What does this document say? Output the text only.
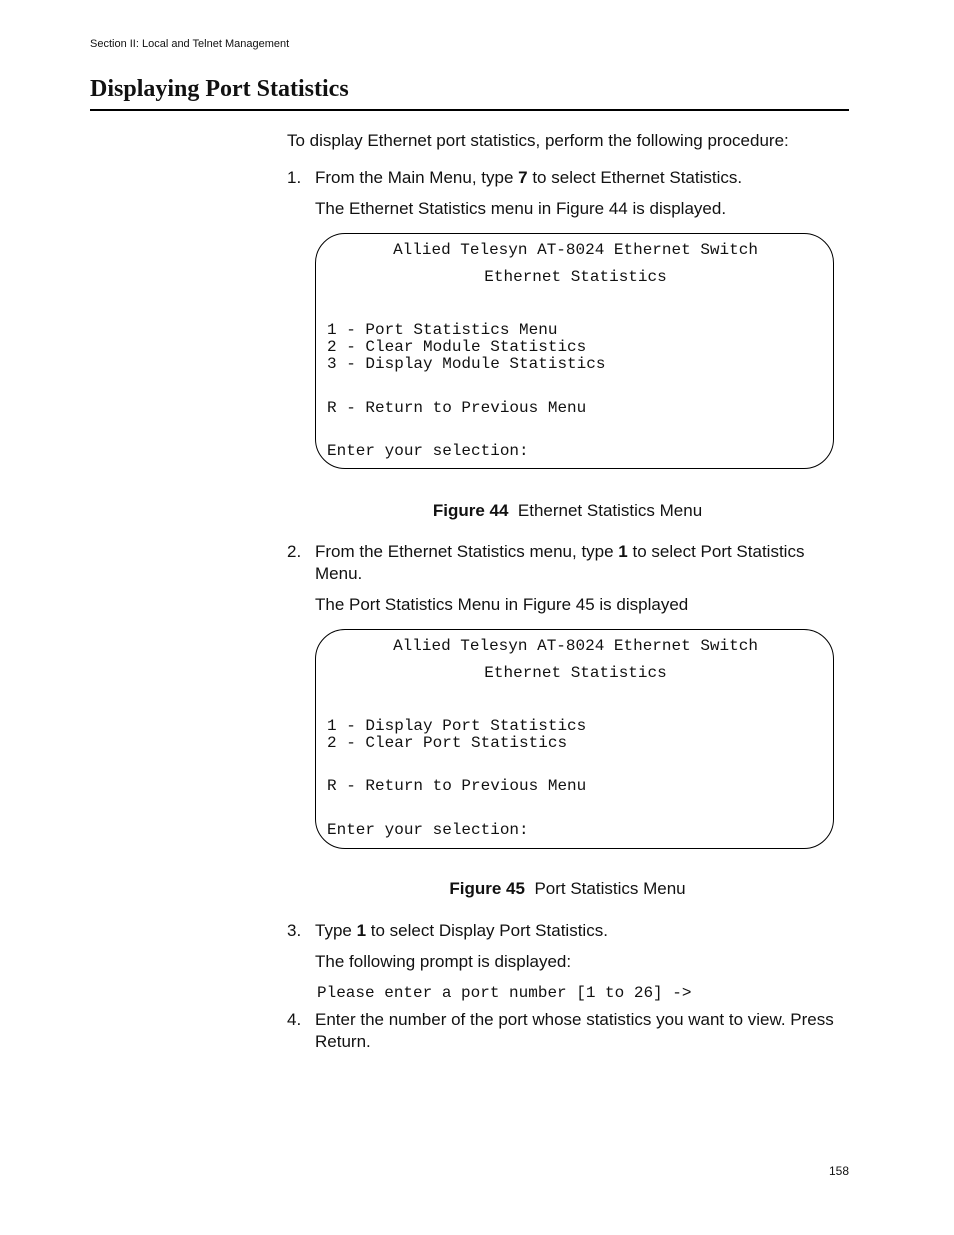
Section II: Local and Telnet Management
Displaying Port Statistics
To display Ethernet port statistics, perform the following procedure:
1. From the Main Menu, type 7 to select Ethernet Statistics.
The Ethernet Statistics menu in Figure 44 is displayed.
Allied Telesyn AT-8024 Ethernet Switch
Ethernet Statistics
1 - Port Statistics Menu
2 - Clear Module Statistics
3 - Display Module Statistics
R - Return to Previous Menu
Enter your selection:
Figure 44 Ethernet Statistics Menu
2. From the Ethernet Statistics menu, type 1 to select Port Statistics
Menu.
The Port Statistics Menu in Figure 45 is displayed
Allied Telesyn AT-8024 Ethernet Switch
Ethernet Statistics
1 - Display Port Statistics
2 - Clear Port Statistics
R - Return to Previous Menu
Enter your selection:
Figure 45 Port Statistics Menu
3. Type 1 to select Display Port Statistics.
The following prompt is displayed:
Please enter a port number [1 to 26] ->
4. Enter the number of the port whose statistics you want to view. Press
Return.
158
